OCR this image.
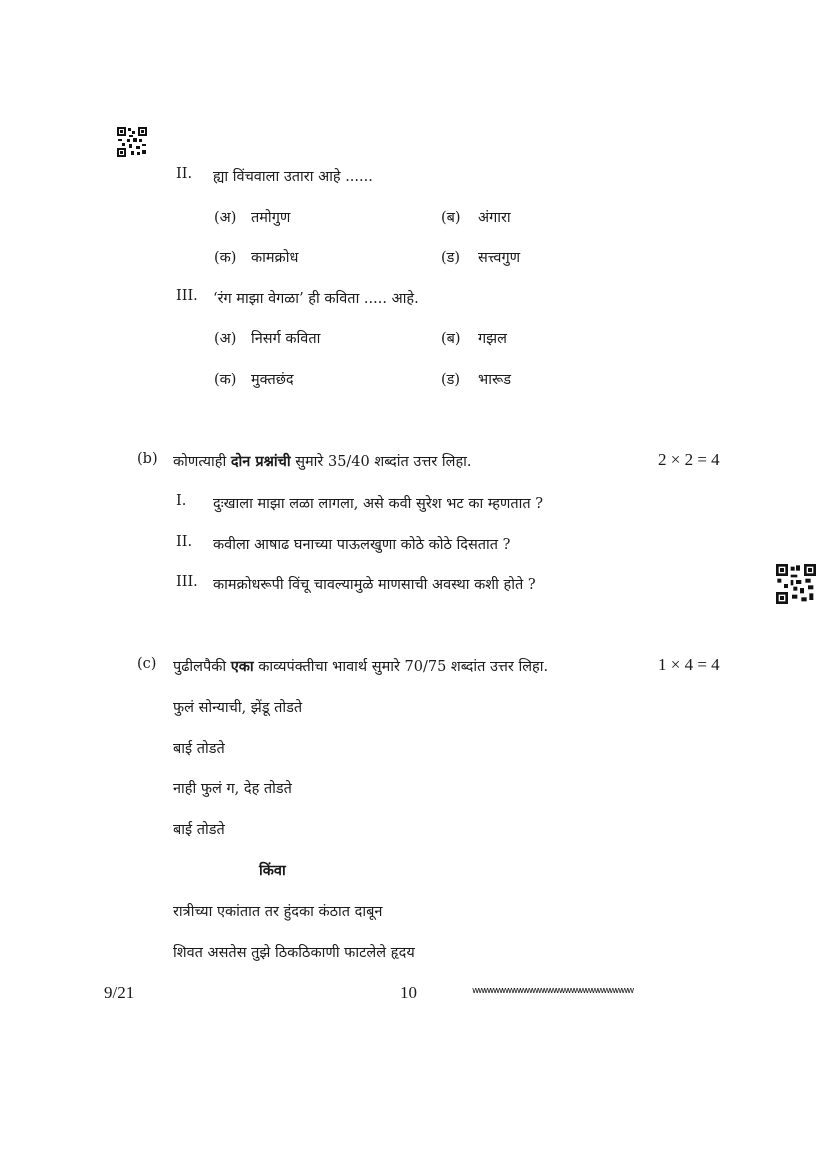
II. ह्या विंचवाला उतारा आहे ......
(अ) तमोगुण	(ब) अंगारा
(क) कामक्रोध	(ड) सत्त्वगुण
III. ‘रंग माझा वेगळा’ ही कविता ..... आहे.
(अ) निसर्ग कविता	(ब) गझल
(क) मुक्तछंद	(ड) भारूड
(b) कोणत्याही दोन प्रश्नांची सुमारे 35/40 शब्दांत उत्तर लिहा.	2 × 2 = 4
I. दुःखाला माझा लळा लागला, असे कवी सुरेश भट का म्हणतात ?
II. कवीला आषाढ घनाच्या पाऊलखुणा कोठे कोठे दिसतात ?
III. कामक्रोधरूपी विंचू चावल्यामुळे माणसाची अवस्था कशी होते ?
(c) पुढीलपैकी एका काव्यपंक्तीचा भावार्थ सुमारे 70/75 शब्दांत उत्तर लिहा.	1 × 4 = 4
फुलं सोन्याची, झेंडू तोडते
बाई तोडते
नाही फुलं ग, देह तोडते
बाई तोडते
किंवा
रात्रीच्या एकांतात तर हुंदका कंठात दाबून
शिवत असतेस तुझे ठिकठिकाणी फाटलेले हृदय
9/21	10	wwwwwwwwwwwwwwwwwwwwwwwwwww
